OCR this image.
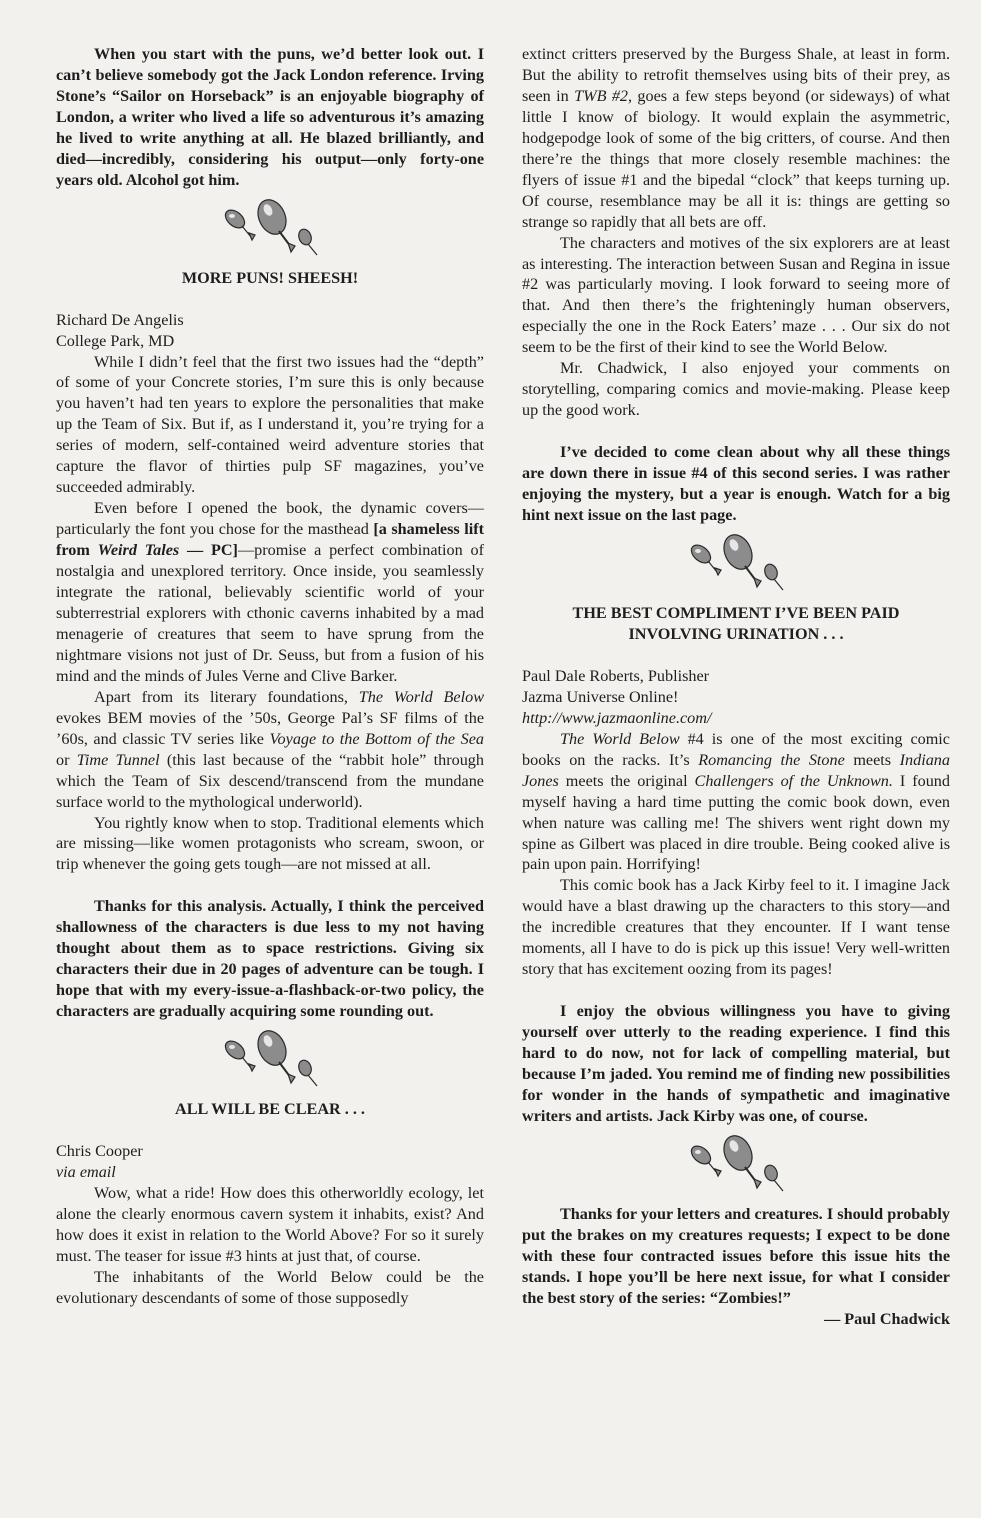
When you start with the puns, we’d better look out. I can’t believe somebody got the Jack London reference. Irving Stone’s “Sailor on Horseback” is an enjoyable biography of London, a writer who lived a life so adventurous it’s amazing he lived to write anything at all. He blazed brilliantly, and died—incredibly, considering his output—only forty-one years old. Alcohol got him.

MORE PUNS! SHEESH!

Richard De Angelis

College Park, MD

While I didn’t feel that the first two issues had the “depth” of some of your Concrete stories, I’m sure this is only because you haven’t had ten years to explore the personalities that make up the Team of Six. But if, as I understand it, you’re trying for a series of modern, self-contained weird adventure stories that capture the flavor of thirties pulp SF magazines, you’ve succeeded admirably.

Even before I opened the book, the dynamic covers—particularly the font you chose for the masthead [a shameless lift from Weird Tales — PC]—promise a perfect combination of nostalgia and unexplored territory. Once inside, you seamlessly integrate the rational, believably scientific world of your subterrestrial explorers with cthonic caverns inhabited by a mad menagerie of creatures that seem to have sprung from the nightmare visions not just of Dr. Seuss, but from a fusion of his mind and the minds of Jules Verne and Clive Barker.

Apart from its literary foundations, The World Below evokes BEM movies of the ’50s, George Pal’s SF films of the ’60s, and classic TV series like Voyage to the Bottom of the Sea or Time Tunnel (this last because of the “rabbit hole” through which the Team of Six descend/transcend from the mundane surface world to the mythological underworld).

You rightly know when to stop. Traditional elements which are missing—like women protagonists who scream, swoon, or trip whenever the going gets tough—are not missed at all.

Thanks for this analysis. Actually, I think the perceived shallowness of the characters is due less to my not having thought about them as to space restrictions. Giving six characters their due in 20 pages of adventure can be tough. I hope that with my every-issue-a-flashback-or-two policy, the characters are gradually acquiring some rounding out.

ALL WILL BE CLEAR . . .

Chris Cooper

via email

Wow, what a ride! How does this otherworldly ecology, let alone the clearly enormous cavern system it inhabits, exist? And how does it exist in relation to the World Above? For so it surely must. The teaser for issue #3 hints at just that, of course.

The inhabitants of the World Below could be the evolutionary descendants of some of those supposedly

extinct critters preserved by the Burgess Shale, at least in form. But the ability to retrofit themselves using bits of their prey, as seen in TWB #2, goes a few steps beyond (or sideways) of what little I know of biology. It would explain the asymmetric, hodgepodge look of some of the big critters, of course. And then there’re the things that more closely resemble machines: the flyers of issue #1 and the bipedal “clock” that keeps turning up. Of course, resemblance may be all it is: things are getting so strange so rapidly that all bets are off.

The characters and motives of the six explorers are at least as interesting. The interaction between Susan and Regina in issue #2 was particularly moving. I look forward to seeing more of that. And then there’s the frighteningly human observers, especially the one in the Rock Eaters’ maze . . . Our six do not seem to be the first of their kind to see the World Below.

Mr. Chadwick, I also enjoyed your comments on storytelling, comparing comics and movie-making. Please keep up the good work.

I’ve decided to come clean about why all these things are down there in issue #4 of this second series. I was rather enjoying the mystery, but a year is enough. Watch for a big hint next issue on the last page.

THE BEST COMPLIMENT I’VE BEEN PAID INVOLVING URINATION . . .

Paul Dale Roberts, Publisher

Jazma Universe Online!

http://www.jazmaonline.com/

The World Below #4 is one of the most exciting comic books on the racks. It’s Romancing the Stone meets Indiana Jones meets the original Challengers of the Unknown. I found myself having a hard time putting the comic book down, even when nature was calling me! The shivers went right down my spine as Gilbert was placed in dire trouble. Being cooked alive is pain upon pain. Horrifying!

This comic book has a Jack Kirby feel to it. I imagine Jack would have a blast drawing up the characters to this story—and the incredible creatures that they encounter. If I want tense moments, all I have to do is pick up this issue! Very well-written story that has excitement oozing from its pages!

I enjoy the obvious willingness you have to giving yourself over utterly to the reading experience. I find this hard to do now, not for lack of compelling material, but because I’m jaded. You remind me of finding new possibilities for wonder in the hands of sympathetic and imaginative writers and artists. Jack Kirby was one, of course.

Thanks for your letters and creatures. I should probably put the brakes on my creatures requests; I expect to be done with these four contracted issues before this issue hits the stands. I hope you’ll be here next issue, for what I consider the best story of the series: “Zombies!”

— Paul Chadwick
